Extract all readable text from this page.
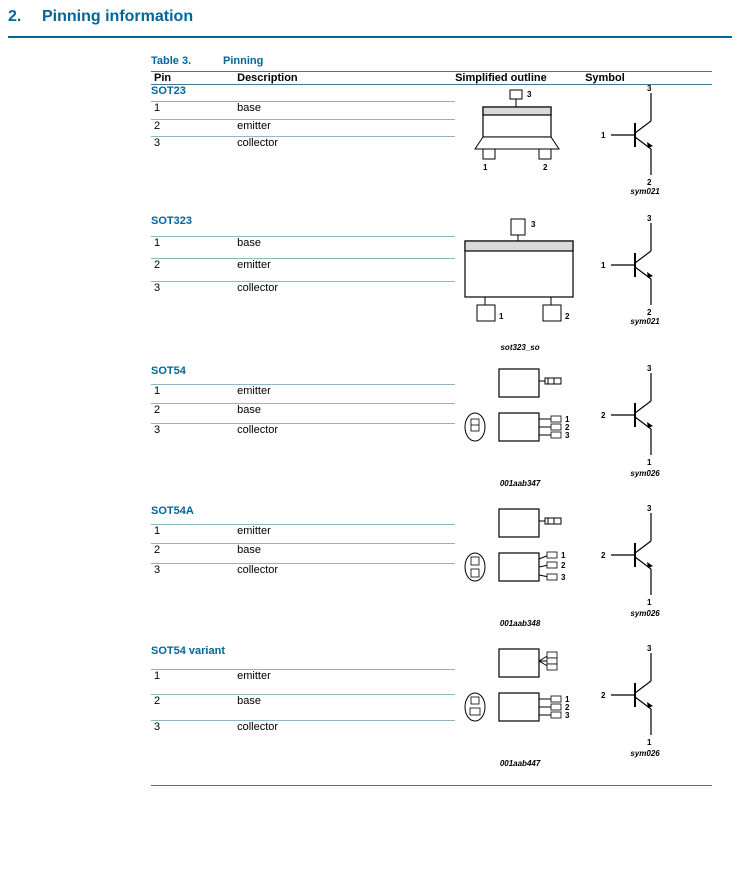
2.	Pinning information
Table 3.	Pinning
Pin	Description	Simplified outline	Symbol
SOT23		3
1 2	3
1
2
sym021

1	base		
2	emitter		
3	collector		

SOT323		3
1 2
sot323_so	3
1
2
sym021

1	base		
2	emitter		
3	collector		

SOT54		1
2
3
001aab347	3
2
1
sym026

1	emitter		
2	base		
3	collector		

SOT54A		1
2
3
001aab348	3
2
1
sym026

1	emitter		
2	base		
3	collector		

SOT54 variant		1
2
3
001aab447	3
2
1
sym026

1	emitter		
2	base		
3	collector		
